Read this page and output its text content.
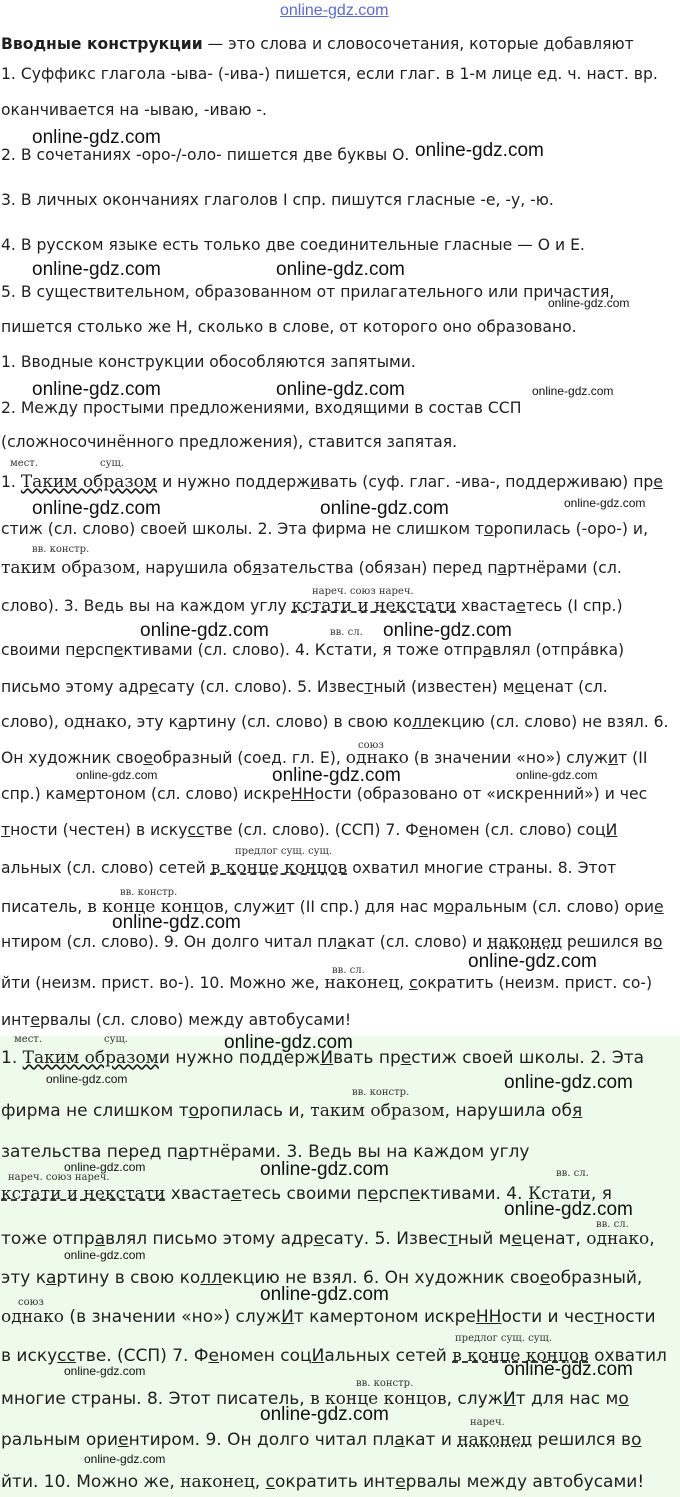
online-gdz.com
Вводные конструкции — это слова и словосочетания, которые добавляют
1. Суффикс глагола -ыва- (-ива-) пишется, если глаг. в 1-м лице ед. ч. наст. вр.
оканчивается на -ываю, -иваю -.
2. В сочетаниях -оро-/-оло- пишется две буквы О.
3. В личных окончаниях глаголов I спр. пишутся гласные -е, -у, -ю.
4. В русском языке есть только две соединительные гласные — О и Е.
5. В существительном, образованном от прилагательного или причастия,
пишется столько же Н, сколько в слове, от которого оно образовано.
1. Вводные конструкции обособляются запятыми.
2. Между простыми предложениями, входящими в состав ССП
(сложносочинённого предложения), ставится запятая.
мест.	сущ.
вв. констр.
нареч. союз нареч.
вв. сл.
союз
предлог сущ. сущ.
вв. констр.
вв. сл.
1. Таким образом и нужно поддерживать (суф. глаг. -ива-, поддерживаю) пре
стиж (сл. слово) своей школы. 2. Эта фирма не слишком торопилась (-оро-) и,
таким образом, нарушила обязательства (обязан) перед партнёрами (сл.
слово). 3. Ведь вы на каждом углу кстати и некстати хвастаетесь (I спр.)
своими перспективами (сл. слово). 4. Кстати, я тоже отправлял (отпра́вка)
письмо этому адресату (сл. слово). 5. Известный (известен) меценат (сл.
слово), однако, эту картину (сл. слово) в свою коллекцию (сл. слово) не взял. 6.
Он художник своеобразный (соед. гл. Е), однако (в значении «но») служит (II
спр.) камертоном (сл. слово) искреННости (образовано от «искренний») и чес
тности (честен) в искусстве (сл. слово). (ССП) 7. Феномен (сл. слово) соцИ
альных (сл. слово) сетей в конце концов охватил многие страны. 8. Этот
писатель, в конце концов, служит (II спр.) для нас моральным (сл. слово) орие
нтиром (сл. слово). 9. Он долго читал плакат (сл. слово) и наконец решился во
йти (неизм. прист. во-). 10. Можно же, наконец, сократить (неизм. прист. со-)
интервалы (сл. слово) между автобусами!
мест.	сущ.
вв. констр.
нареч. союз нареч.	вв. сл.
вв. сл.
союз
предлог сущ. сущ.
вв. констр.
нареч.
1. Таким образоми нужно поддержИвать престиж своей школы. 2. Эта
фирма не слишком торопилась и, таким образом, нарушила обя
зательства перед партнёрами. 3. Ведь вы на каждом углу
кстати и некстати хвастаетесь своими перспективами. 4. Кстати, я
тоже отправлял письмо этому адресату. 5. Известный меценат, однако,
эту картину в свою коллекцию не взял. 6. Он художник своеобразный,
однако (в значении «но») служИт камертоном искреННости и честности
в искусстве. (ССП) 7. Феномен соцИальных сетей в конце концов охватил
многие страны. 8. Этот писатель, в конце концов, служИт для нас мо
ральным ориентиром. 9. Он долго читал плакат и наконец решился во
йти. 10. Можно же, наконец, сократить интервалы между автобусами!
online-gdz.com
online-gdz.com
online-gdz.com	online-gdz.com
online-gdz.com	online-gdz.com
online-gdz.com	online-gdz.com
online-gdz.com	online-gdz.com
online-gdz.com
online-gdz.com
online-gdz.com
online-gdz.com
online-gdz.com
online-gdz.com
online-gdz.com
online-gdz.com
online-gdz.com
online-gdz.com
online-gdz.com
online-gdz.com
online-gdz.com
online-gdz.com	online-gdz.com
online-gdz.com
online-gdz.com
online-gdz.com
online-gdz.com
online-gdz.com
